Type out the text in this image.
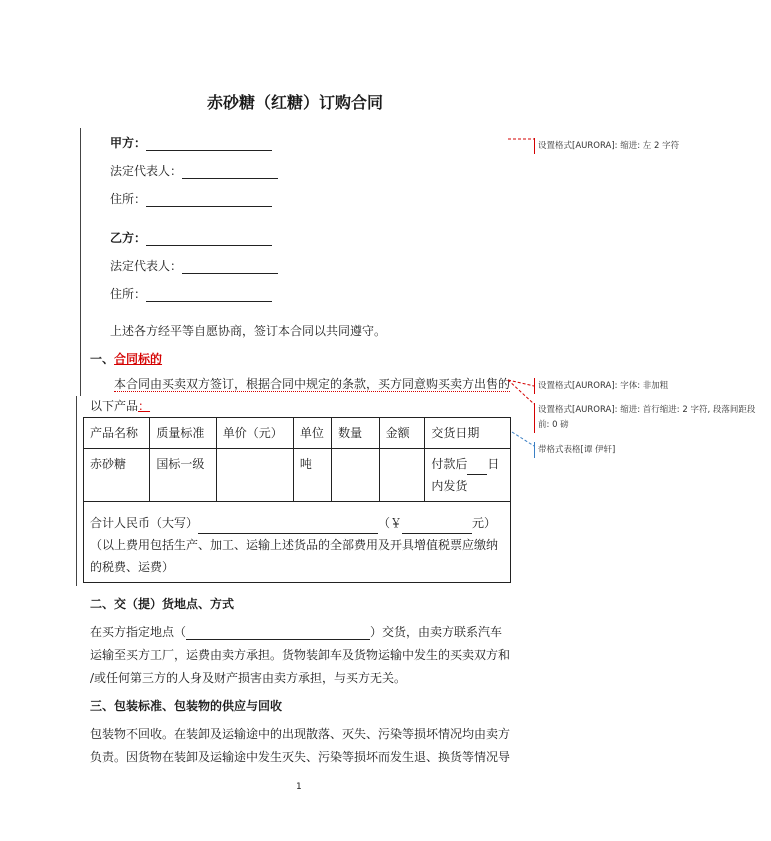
赤砂糖（红糖）订购合同
甲方：
法定代表人：
住所：
乙方：
法定代表人：
住所：
上述各方经平等自愿协商，签订本合同以共同遵守。
一、合同标的
本合同由买卖双方签订，根据合同中规定的条款，买方同意购买卖方出售的
以下产品：
产品名称	质量标准	单价（元）	单位	数量	金额	交货日期
赤砂糖	国标一级		吨			付款后 日内发货

合计人民币（大写） （￥ 元）
（以上费用包括生产、加工、运输上述货品的全部费用及开具增值税票应缴纳的税费、运费）						
二、交（提）货地点、方式
在买方指定地点（	）交货，由卖方联系汽车
运输至买方工厂，运费由卖方承担。货物装卸车及货物运输中发生的买卖双方和
/或任何第三方的人身及财产损害由卖方承担，与买方无关。
三、包装标准、包装物的供应与回收
包装物不回收。在装卸及运输途中的出现散落、灭失、污染等损坏情况均由卖方
负责。因货物在装卸及运输途中发生灭失、污染等损坏而发生退、换货等情况导
1
设置格式[AURORA]: 缩进: 左 2 字符
设置格式[AURORA]: 字体: 非加粗
设置格式[AURORA]: 缩进: 首行缩进: 2 字符, 段落间距段前: 0 磅
带格式表格[谭 伊轩]
